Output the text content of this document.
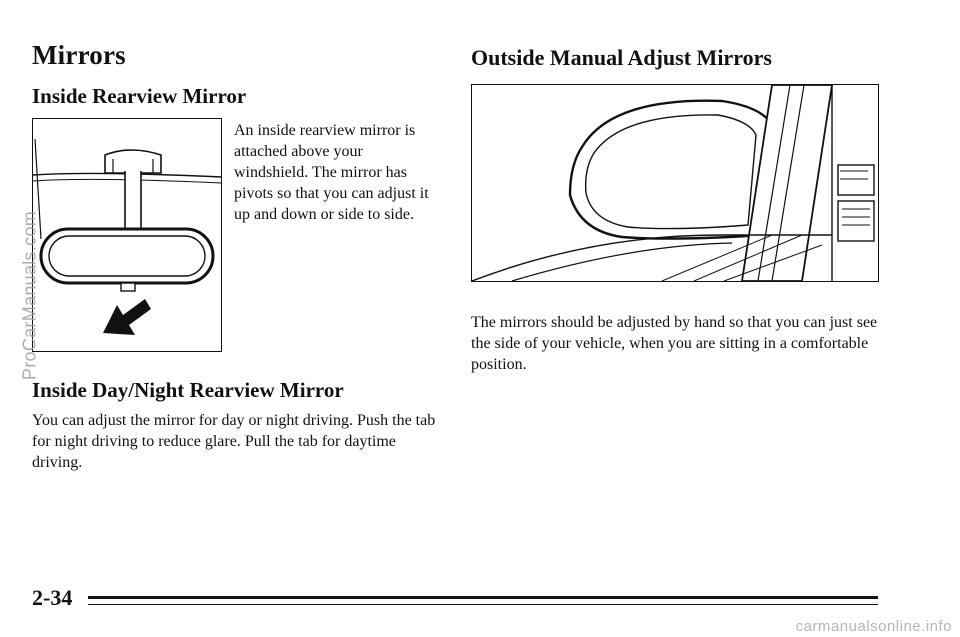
Mirrors
Inside Rearview Mirror

An inside rearview mirror is attached above your windshield. The mirror has pivots so that you can adjust it up and down or side to side.

Inside Day/Night Rearview Mirror

You can adjust the mirror for day or night driving. Push the tab for night driving to reduce glare. Pull the tab for daytime driving.

Outside Manual Adjust Mirrors

The mirrors should be adjusted by hand so that you can just see the side of your vehicle, when you are sitting in a comfortable position.

2-34
carmanualsonline.info
ProCarManuals.com
